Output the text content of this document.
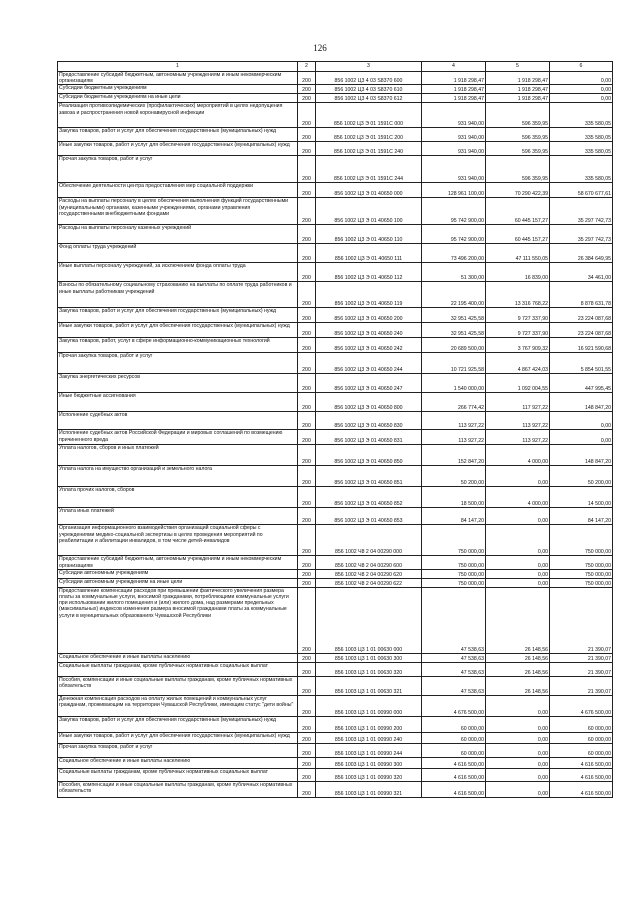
126
1	2	3	4	5	6
Предоставление субсидий бюджетным, автономным учреждениям и иным некоммерческим организациям	200	856 1002 Ц3 4 03 S8370 600	1 918 298,47	1 918 298,47	0,00
Субсидии бюджетным учреждениям	200	856 1002 Ц3 4 03 S8370 610	1 918 298,47	1 918 298,47	0,00
Субсидии бюджетным учреждениям на иные цели	200	856 1002 Ц3 4 03 S8370 612	1 918 298,47	1 918 298,47	0,00
Реализация противоэпидемических (профилактических) мероприятий в целях недопущения завоза и распространения новой коронавирусной инфекции	200	856 1002 Ц3 Э 01 1591C 000	931 940,00	596 359,95	335 580,05
Закупка товаров, работ и услуг для обеспечения государственных (муниципальных) нужд	200	856 1002 Ц3 Э 01 1591C 200	931 940,00	596 359,95	335 580,05
Иные закупки товаров, работ и услуг для обеспечения государственных (муниципальных) нужд	200	856 1002 Ц3 Э 01 1591C 240	931 940,00	596 359,95	335 580,05
Прочая закупка товаров, работ и услуг	200	856 1002 Ц3 Э 01 1591C 244	931 940,00	596 359,95	335 580,05
Обеспечение деятельности центра предоставления мер социальной поддержки	200	856 1002 Ц3 Э 01 40650 000	128 961 100,00	70 290 422,39	58 670 677,61
Расходы на выплаты персоналу в целях обеспечения выполнения функций государственными (муниципальными) органами, казенными учреждениями, органами управления государственными внебюджетными фондами	200	856 1002 Ц3 Э 01 40650 100	95 742 900,00	60 445 157,27	35 297 742,73
Расходы на выплаты персоналу казенных учреждений	200	856 1002 Ц3 Э 01 40650 110	95 742 900,00	60 445 157,27	35 297 742,73
Фонд оплаты труда учреждений	200	856 1002 Ц3 Э 01 40650 111	73 496 200,00	47 111 550,05	26 384 649,95
Иные выплаты персоналу учреждений, за исключением фонда оплаты труда	200	856 1002 Ц3 Э 01 40650 112	51 300,00	16 839,00	34 461,00
Взносы по обязательному социальному страхованию на выплаты по оплате труда работников и иные выплаты работникам учреждений	200	856 1002 Ц3 Э 01 40650 119	22 195 400,00	13 316 768,22	8 878 631,78
Закупка товаров, работ и услуг для обеспечения государственных (муниципальных) нужд	200	856 1002 Ц3 Э 01 40650 200	32 951 425,58	9 727 337,90	23 224 087,68
Иные закупки товаров, работ и услуг для обеспечения государственных (муниципальных) нужд	200	856 1002 Ц3 Э 01 40650 240	32 951 425,58	9 727 337,90	23 224 087,68
Закупка товаров, работ, услуг в сфере информационно-коммуникационных технологий	200	856 1002 Ц3 Э 01 40650 242	20 689 500,00	3 767 909,32	16 921 590,68
Прочая закупка товаров, работ и услуг	200	856 1002 Ц3 Э 01 40650 244	10 721 925,58	4 867 424,03	5 854 501,55
Закупка энергетических ресурсов	200	856 1002 Ц3 Э 01 40650 247	1 540 000,00	1 092 004,55	447 995,45
Иные бюджетные ассигнования	200	856 1002 Ц3 Э 01 40650 800	266 774,42	117 927,22	148 847,20
Исполнение судебных актов	200	856 1002 Ц3 Э 01 40650 830	113 927,22	113 927,22	0,00
Исполнение судебных актов Российской Федерации и мировых соглашений по возмещению причиненного вреда	200	856 1002 Ц3 Э 01 40650 831	113 927,22	113 927,22	0,00
Уплата налогов, сборов и иных платежей	200	856 1002 Ц3 Э 01 40650 850	152 847,20	4 000,00	148 847,20
Уплата налога на имущество организаций и земельного налога	200	856 1002 Ц3 Э 01 40650 851	50 200,00	0,00	50 200,00
Уплата прочих налогов, сборов	200	856 1002 Ц3 Э 01 40650 852	18 500,00	4 000,00	14 500,00
Уплата иных платежей	200	856 1002 Ц3 Э 01 40650 853	84 147,20	0,00	84 147,20
Организация информационного взаимодействия организаций социальной сферы с учреждениями медико-социальной экспертизы в целях проведения мероприятий по реабилитации и абилитации инвалидов, в том числе детей-инвалидов	200	856 1002 Ч8 2 04 00290 000	750 000,00	0,00	750 000,00
Предоставление субсидий бюджетным, автономным учреждениям и иным некоммерческим организациям	200	856 1002 Ч8 2 04 00290 600	750 000,00	0,00	750 000,00
Субсидии автономным учреждениям	200	856 1002 Ч8 2 04 00290 620	750 000,00	0,00	750 000,00
Субсидии автономным учреждениям на иные цели	200	856 1002 Ч8 2 04 00290 622	750 000,00	0,00	750 000,00
Предоставление компенсации расходов при превышении фактического увеличения размера платы за коммунальные услуги, вносимой гражданами, потребляющими коммунальные услуги при использовании жилого помещения и (или) жилого дома, над размерами предельных (максимальных) индексов изменения размера вносимой гражданами платы за коммунальные услуги в муниципальных образованиях Чувашской Республики	200	856 1003 Ц3 1 01 00630 000	47 538,63	26 148,56	21 390,07
Социальное обеспечение и иные выплаты населению	200	856 1003 Ц3 1 01 00630 300	47 538,63	26 148,56	21 390,07
Социальные выплаты гражданам, кроме публичных нормативных социальных выплат	200	856 1003 Ц3 1 01 00630 320	47 538,63	26 148,56	21 390,07
Пособия, компенсации и иные социальные выплаты гражданам, кроме публичных нормативных обязательств	200	856 1003 Ц3 1 01 00630 321	47 538,63	26 148,56	21 390,07
Денежная компенсация расходов на оплату жилых помещений и коммунальных услуг гражданам, проживающим на территории Чувашской Республики, имеющим статус "дети войны"	200	856 1003 Ц3 1 01 00990 000	4 676 500,00	0,00	4 676 500,00
Закупка товаров, работ и услуг для обеспечения государственных (муниципальных) нужд	200	856 1003 Ц3 1 01 00990 200	60 000,00	0,00	60 000,00
Иные закупки товаров, работ и услуг для обеспечения государственных (муниципальных) нужд	200	856 1003 Ц3 1 01 00990 240	60 000,00	0,00	60 000,00
Прочая закупка товаров, работ и услуг	200	856 1003 Ц3 1 01 00990 244	60 000,00	0,00	60 000,00
Социальное обеспечение и иные выплаты населению	200	856 1003 Ц3 1 01 00990 300	4 616 500,00	0,00	4 616 500,00
Социальные выплаты гражданам, кроме публичных нормативных социальных выплат	200	856 1003 Ц3 1 01 00990 320	4 616 500,00	0,00	4 616 500,00
Пособия, компенсации и иные социальные выплаты гражданам, кроме публичных нормативных обязательств	200	856 1003 Ц3 1 01 00990 321	4 616 500,00	0,00	4 616 500,00
